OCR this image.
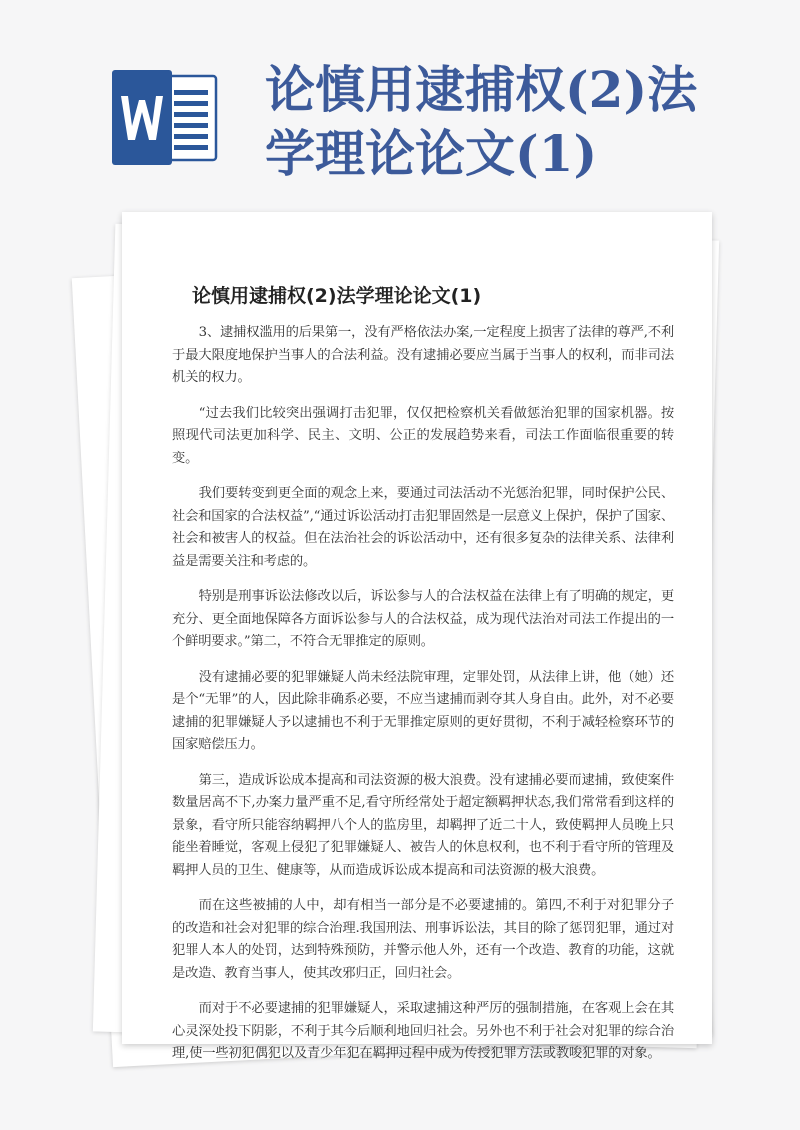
论慎用逮捕权(2)法
学理论论文(1)
论慎用逮捕权(2)法学理论论文(1)

3、逮捕权滥用的后果第一，没有严格依法办案,一定程度上损害了法律的尊严,不利于最大限度地保护当事人的合法利益。没有逮捕必要应当属于当事人的权利，而非司法机关的权力。

“过去我们比较突出强调打击犯罪，仅仅把检察机关看做惩治犯罪的国家机器。按照现代司法更加科学、民主、文明、公正的发展趋势来看，司法工作面临很重要的转变。

我们要转变到更全面的观念上来，要通过司法活动不光惩治犯罪，同时保护公民、社会和国家的合法权益”,“通过诉讼活动打击犯罪固然是一层意义上保护，保护了国家、社会和被害人的权益。但在法治社会的诉讼活动中，还有很多复杂的法律关系、法律利益是需要关注和考虑的。

特别是刑事诉讼法修改以后，诉讼参与人的合法权益在法律上有了明确的规定，更充分、更全面地保障各方面诉讼参与人的合法权益，成为现代法治对司法工作提出的一个鲜明要求。”第二，不符合无罪推定的原则。

没有逮捕必要的犯罪嫌疑人尚未经法院审理，定罪处罚，从法律上讲，他（她）还是个“无罪”的人，因此除非确系必要，不应当逮捕而剥夺其人身自由。此外，对不必要逮捕的犯罪嫌疑人予以逮捕也不利于无罪推定原则的更好贯彻，不利于减轻检察环节的国家赔偿压力。

第三，造成诉讼成本提高和司法资源的极大浪费。没有逮捕必要而逮捕，致使案件数量居高不下,办案力量严重不足,看守所经常处于超定额羁押状态,我们常常看到这样的景象，看守所只能容纳羁押八个人的监房里，却羁押了近二十人，致使羁押人员晚上只能坐着睡觉，客观上侵犯了犯罪嫌疑人、被告人的休息权利，也不利于看守所的管理及羁押人员的卫生、健康等，从而造成诉讼成本提高和司法资源的极大浪费。

而在这些被捕的人中，却有相当一部分是不必要逮捕的。第四,不利于对犯罪分子的改造和社会对犯罪的综合治理.我国刑法、刑事诉讼法，其目的除了惩罚犯罪，通过对犯罪人本人的处罚，达到特殊预防，并警示他人外，还有一个改造、教育的功能，这就是改造、教育当事人，使其改邪归正，回归社会。

而对于不必要逮捕的犯罪嫌疑人，采取逮捕这种严厉的强制措施，在客观上会在其心灵深处投下阴影，不利于其今后顺利地回归社会。另外也不利于社会对犯罪的综合治理,使一些初犯偶犯以及青少年犯在羁押过程中成为传授犯罪方法或教唆犯罪的对象。
